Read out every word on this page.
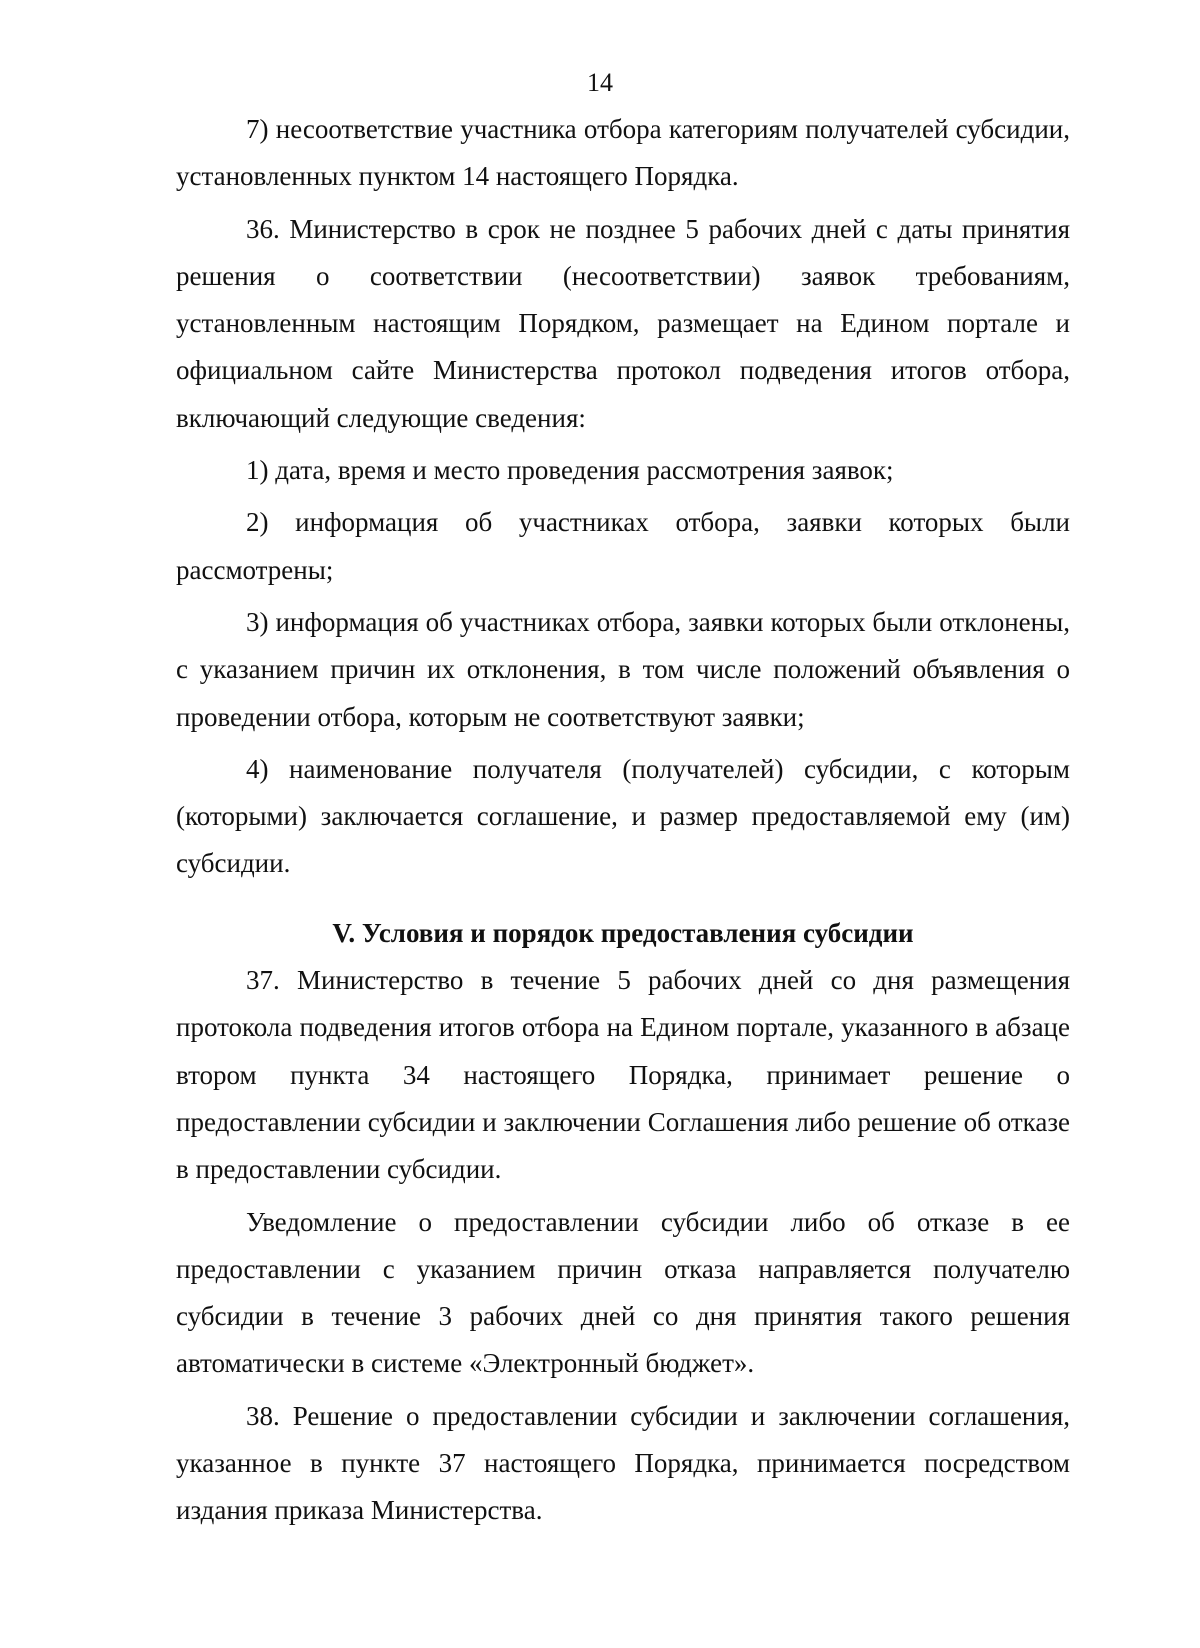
14

7) несоответствие участника отбора категориям получателей субсидии, установленных пунктом 14 настоящего Порядка.

36. Министерство в срок не позднее 5 рабочих дней с даты принятия решения о соответствии (несоответствии) заявок требованиям, установленным настоящим Порядком, размещает на Едином портале и официальном сайте Министерства протокол подведения итогов отбора, включающий следующие сведения:

1) дата, время и место проведения рассмотрения заявок;

2) информация об участниках отбора, заявки которых были рассмотрены;

3) информация об участниках отбора, заявки которых были отклонены, с указанием причин их отклонения, в том числе положений объявления о проведении отбора, которым не соответствуют заявки;

4) наименование получателя (получателей) субсидии, с которым (которыми) заключается соглашение, и размер предоставляемой ему (им) субсидии.

V. Условия и порядок предоставления субсидии

37. Министерство в течение 5 рабочих дней со дня размещения протокола подведения итогов отбора на Едином портале, указанного в абзаце втором пункта 34 настоящего Порядка, принимает решение о предоставлении субсидии и заключении Соглашения либо решение об отказе в предоставлении субсидии.

Уведомление о предоставлении субсидии либо об отказе в ее предоставлении с указанием причин отказа направляется получателю субсидии в течение 3 рабочих дней со дня принятия такого решения автоматически в системе «Электронный бюджет».

38. Решение о предоставлении субсидии и заключении соглашения, указанное в пункте 37 настоящего Порядка, принимается посредством издания приказа Министерства.
